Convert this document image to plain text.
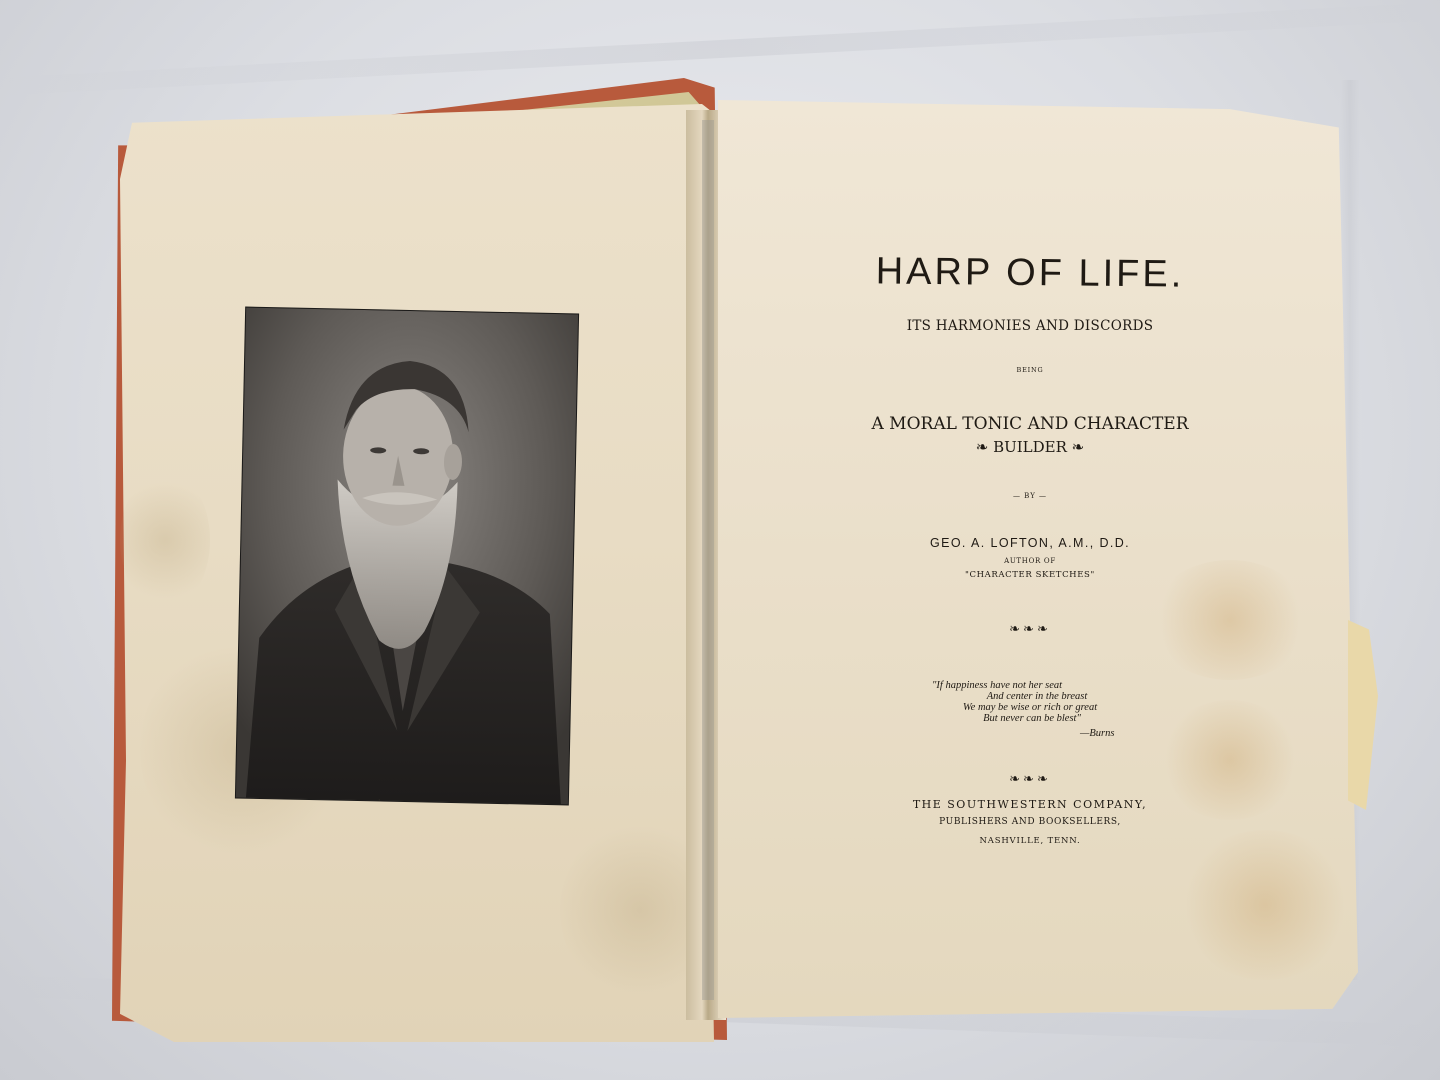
·
HARP OF LIFE.
ITS HARMONIES AND DISCORDS
BEING
A MORAL TONIC AND CHARACTER
❧ BUILDER ❧
— BY —
GEO. A. LOFTON, A.M., D.D.
AUTHOR OF
"CHARACTER SKETCHES"
❧❧❧
"If happiness have not her seat
And center in the breast
We may be wise or rich or great
But never can be blest"
—Burns
❧❧❧
THE SOUTHWESTERN COMPANY,
PUBLISHERS AND BOOKSELLERS,
NASHVILLE, TENN.
